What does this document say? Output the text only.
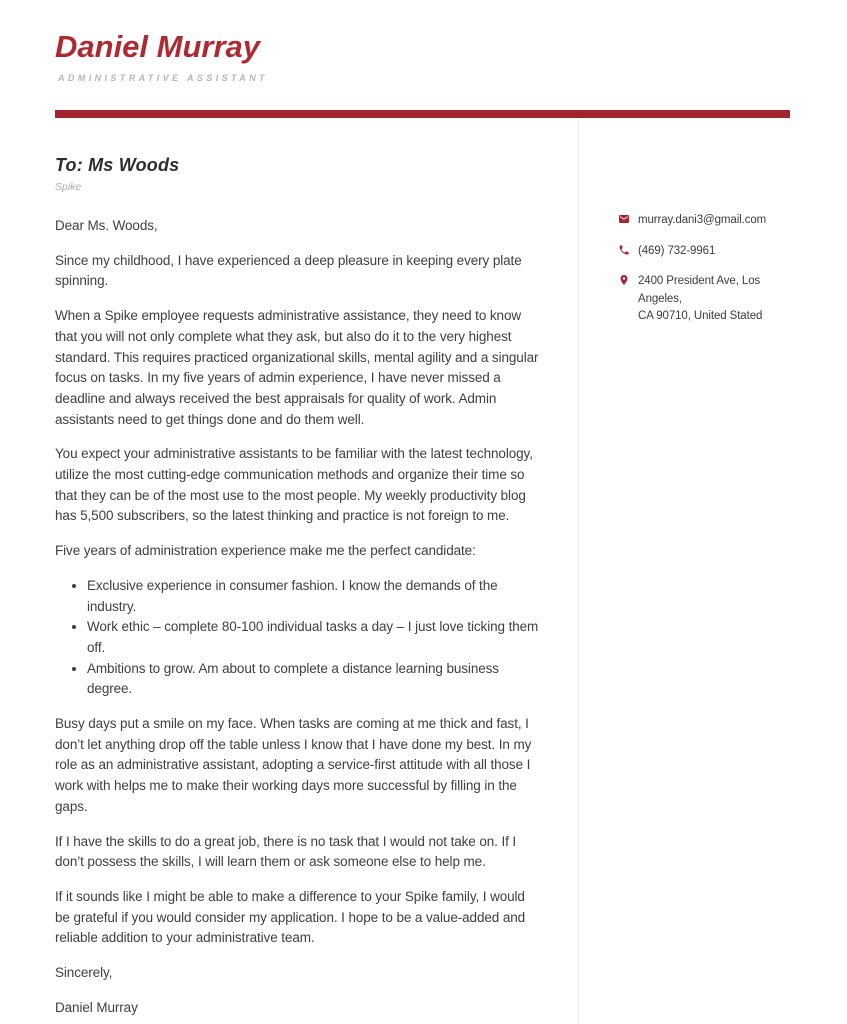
Daniel Murray
ADMINISTRATIVE ASSISTANT
To: Ms Woods
Spike

Dear Ms. Woods,

Since my childhood, I have experienced a deep pleasure in keeping every plate spinning.

When a Spike employee requests administrative assistance, they need to know that you will not only complete what they ask, but also do it to the very highest standard. This requires practiced organizational skills, mental agility and a singular focus on tasks. In my five years of admin experience, I have never missed a deadline and always received the best appraisals for quality of work. Admin assistants need to get things done and do them well.

You expect your administrative assistants to be familiar with the latest technology, utilize the most cutting-edge communication methods and organize their time so that they can be of the most use to the most people. My weekly productivity blog has 5,500 subscribers, so the latest thinking and practice is not foreign to me.

Five years of administration experience make me the perfect candidate:

• Exclusive experience in consumer fashion. I know the demands of the industry.
• Work ethic – complete 80-100 individual tasks a day – I just love ticking them off.
• Ambitions to grow. Am about to complete a distance learning business degree.

Busy days put a smile on my face. When tasks are coming at me thick and fast, I don’t let anything drop off the table unless I know that I have done my best. In my role as an administrative assistant, adopting a service-first attitude with all those I work with helps me to make their working days more successful by filling in the gaps.

If I have the skills to do a great job, there is no task that I would not take on. If I don’t possess the skills, I will learn them or ask someone else to help me.

If it sounds like I might be able to make a difference to your Spike family, I would be grateful if you would consider my application. I hope to be a value-added and reliable addition to your administrative team.

Sincerely,

Daniel Murray

murray.dani3@gmail.com
(469) 732-9961
2400 President Ave, Los Angeles,
CA 90710, United Stated
